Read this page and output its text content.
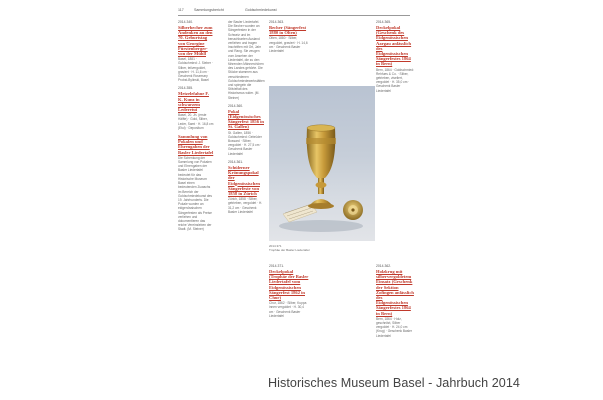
117	Sammlungsbericht	Goldschmiedekunst
2014.340.
Silberbecher zum Andenken an den 70. Geburtstag von Georgine Fürstenberger-von der Mühll
Basel, 1881 · Goldschmied: J. Sieber · Silber, teilvergoldet, graviert · H. 11,6 cm · Geschenk Rosemary Probst-Bylinski, Basel
2014.355.
Metzelefahne F. K. Kunz in schwarzem Lederetui
Basel, 20. Jh. (erste Hälfte) · Gold, Silber, Leder, Samt · H. 16,8 cm (Etui) · Depositum
Sammlung von Pokalen und Ehrengaben der Basler Liedertafel
Die Schenkung der Sammlung von Pokalen und Ehrengaben der Basler Liedertafel bedeutet für das Historische Museum Basel einen bedeutenden Zuwachs im Bereich der Goldschmiedekunst des 19. Jahrhunderts. Die Pokale wurden an eidgenössischen Sängerfesten als Preise verliehen und dokumentieren das reiche Vereinsleben der Stadt. (M. Steiner)
der Basler Liedertafel. Die Becher wurden an Sängerfesten in der Schweiz und im benachbarten Ausland verliehen und tragen Inschriften mit Ort, Jahr und Rang. Sie zeugen vom Ansehen der Liedertafel, die zu den führenden Männerchören des Landes gehörte. Die Stücke stammen aus verschiedenen Goldschmiedewerkstätten und spiegeln die Stilvielfalt des Historismus wider. (M. Steiner)
2014.360.
Pokal (Eidgenössisches Sängerfest 1856 in St. Gallen)
St. Gallen, 1856 · Goldschmied: Gebrüder Bossard · Silber, vergoldet · H. 27,5 cm · Geschenk Basler Liedertafel
2014.361.
Schülerner Krönungspokal der Eidgenössischen Sängerfeste von 1858 in Zürich
Zürich, 1858 · Silber, getrieben, vergoldet · H. 31,2 cm · Geschenk Basler Liedertafel
2014.363.
Becher (Sängerfest 1880 in Olten)
Olten, 1880 · Silber, vergoldet, graviert · H. 14,6 cm · Geschenk Basler Liedertafel
2014.371
Trophäe der Basler Liedertafel
2014.371.
Deckelpokal (Trophäe der Basler Liedertafel vom Eidgenössischen Sängerfest 1862 in Chur)
Chur, 1862 · Silber, Kuppa innen vergoldet · H. 30,4 cm · Geschenk Basler Liedertafel
2014.365.
Deckelpokal (Geschenk des Eidgenössischen Aargau anlässlich des Eidgenössischen Sängerfestes 1864 in Bern)
Bern, 1864 · Goldschmied: Rehfues & Co. · Silber, getrieben, ziseliert, vergoldet · H. 35,0 cm · Geschenk Basler Liedertafel
2014.362.
Holzkrug mit silbervergoldetem Einsatz (Geschenk der Sektion Zofingen anlässlich des Eidgenössischen Sängerfestes 1864 in Bern)
Bern, 1864 · Holz, geschnitzt, Silber vergoldet · H. 24,0 cm (Krug) · Geschenk Basler Liedertafel
Historisches Museum Basel - Jahrbuch 2014
